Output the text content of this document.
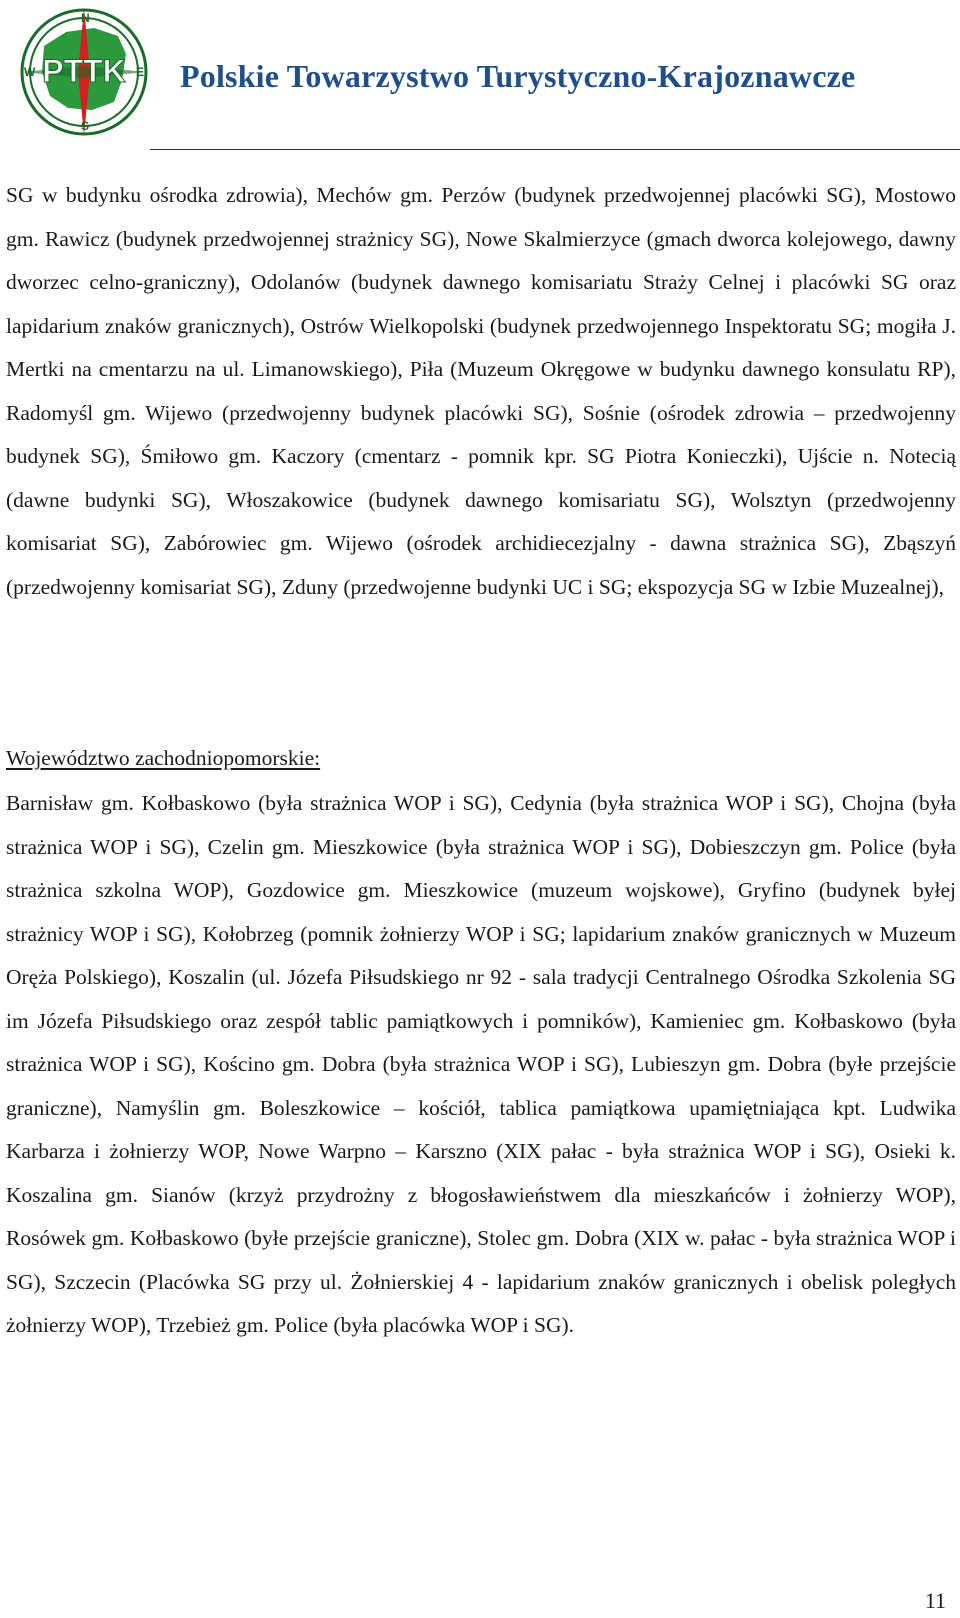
N
E
S
W PTTK Polskie Towarzystwo Turystyczno-Krajoznawcze

SG w budynku ośrodka zdrowia), Mechów gm. Perzów (budynek przedwojennej placówki SG), Mostowo gm. Rawicz (budynek przedwojennej strażnicy SG), Nowe Skalmierzyce (gmach dworca kolejowego, dawny dworzec celno-graniczny), Odolanów (budynek dawnego komisariatu Straży Celnej i placówki SG oraz lapidarium znaków granicznych), Ostrów Wielkopolski (budynek przedwojennego Inspektoratu SG; mogiła J. Mertki na cmentarzu na ul. Limanowskiego), Piła (Muzeum Okręgowe w budynku dawnego konsulatu RP), Radomyśl gm. Wijewo (przedwojenny budynek placówki SG), Sośnie (ośrodek zdrowia – przedwojenny budynek SG), Śmiłowo gm. Kaczory (cmentarz - pomnik kpr. SG Piotra Konieczki), Ujście n. Notecią (dawne budynki SG), Włoszakowice (budynek dawnego komisariatu SG), Wolsztyn (przedwojenny komisariat SG), Zabórowiec gm. Wijewo (ośrodek archidiecezjalny - dawna strażnica SG), Zbąszyń (przedwojenny komisariat SG), Zduny (przedwojenne budynki UC i SG; ekspozycja SG w Izbie Muzealnej),

Województwo zachodniopomorskie:

Barnisław gm. Kołbaskowo (była strażnica WOP i SG), Cedynia (była strażnica WOP i SG), Chojna (była strażnica WOP i SG), Czelin gm. Mieszkowice (była strażnica WOP i SG), Dobieszczyn gm. Police (była strażnica szkolna WOP), Gozdowice gm. Mieszkowice (muzeum wojskowe), Gryfino (budynek byłej strażnicy WOP i SG), Kołobrzeg (pomnik żołnierzy WOP i SG; lapidarium znaków granicznych w Muzeum Oręża Polskiego), Koszalin (ul. Józefa Piłsudskiego nr 92 - sala tradycji Centralnego Ośrodka Szkolenia SG im Józefa Piłsudskiego oraz zespół tablic pamiątkowych i pomników), Kamieniec gm. Kołbaskowo (była strażnica WOP i SG), Kościno gm. Dobra (była strażnica WOP i SG), Lubieszyn gm. Dobra (byłe przejście graniczne), Namyślin gm. Boleszkowice – kościół, tablica pamiątkowa upamiętniająca kpt. Ludwika Karbarza i żołnierzy WOP, Nowe Warpno – Karszno (XIX pałac - była strażnica WOP i SG), Osieki k. Koszalina gm. Sianów (krzyż przydrożny z błogosławieństwem dla mieszkańców i żołnierzy WOP), Rosówek gm. Kołbaskowo (byłe przejście graniczne), Stolec gm. Dobra (XIX w. pałac - była strażnica WOP i SG), Szczecin (Placówka SG przy ul. Żołnierskiej 4 - lapidarium znaków granicznych i obelisk poległych żołnierzy WOP), Trzebież gm. Police (była placówka WOP i SG).

11
